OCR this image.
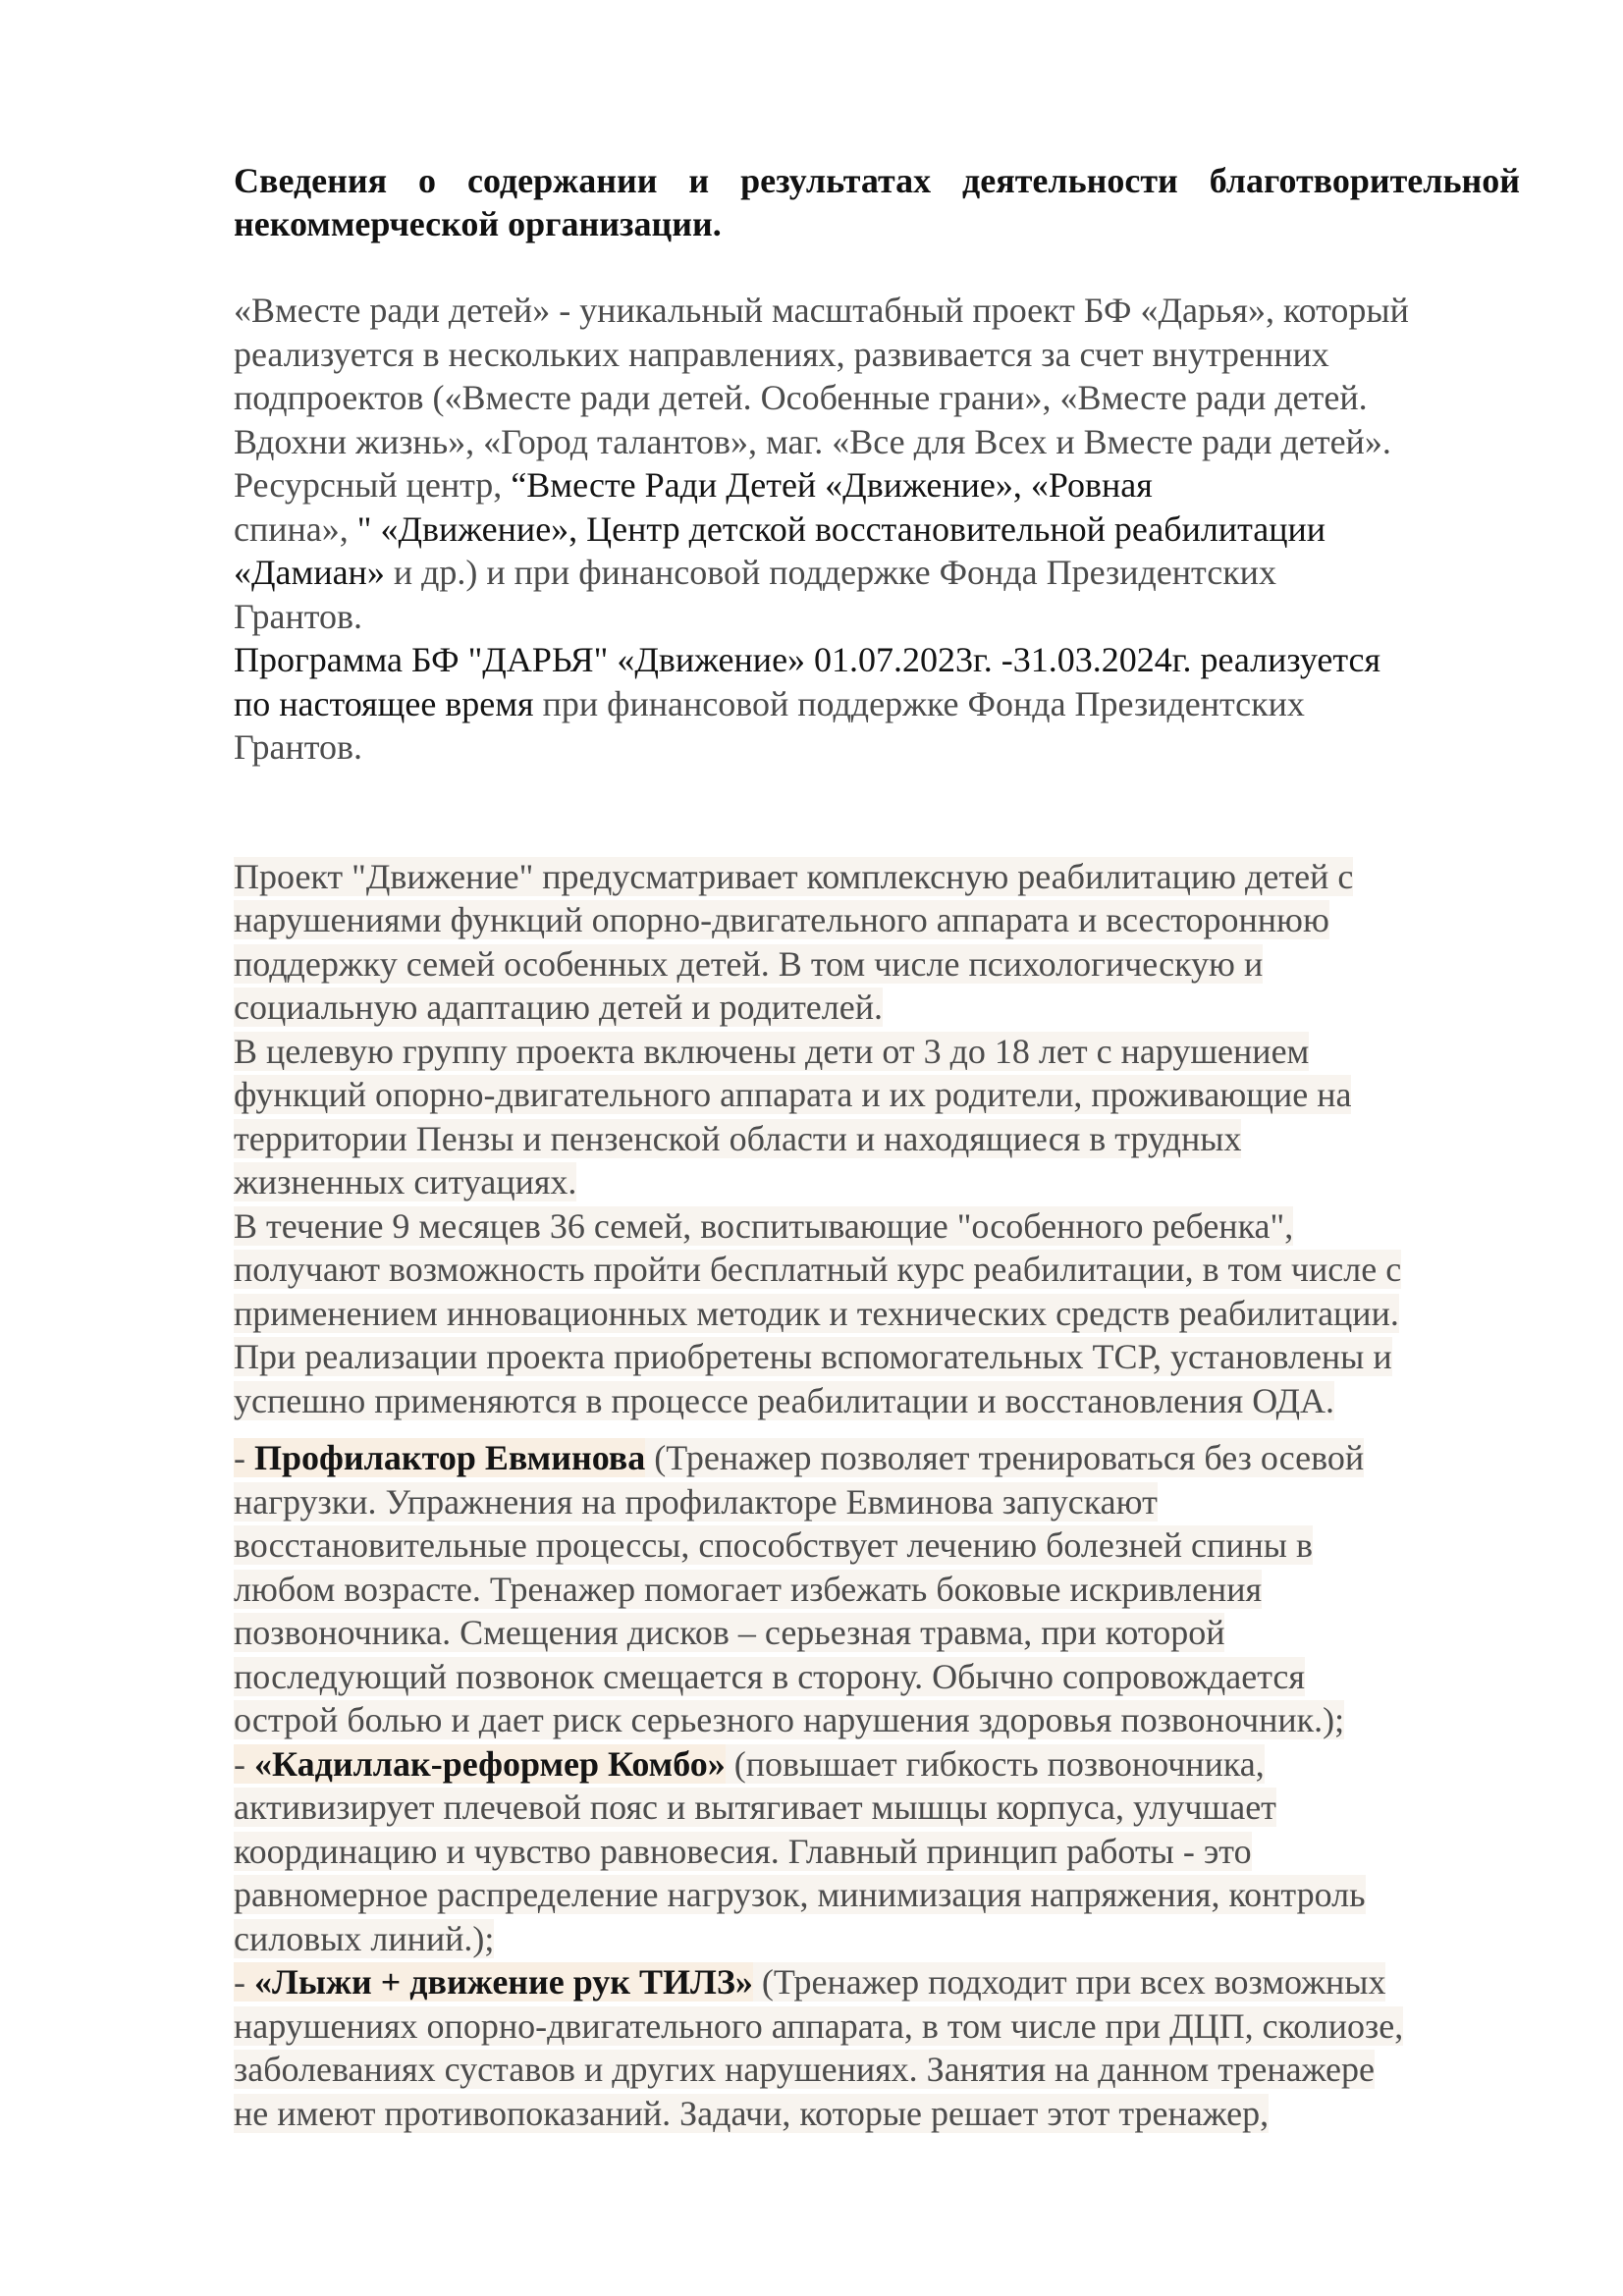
Сведения о содержании и результатах деятельности благотворительной некоммерческой организации.
«Вместе ради детей» - уникальный масштабный проект БФ «Дарья», который
реализуется в нескольких направлениях, развивается за счет внутренних
подпроектов («Вместе ради детей. Особенные грани», «Вместе ради детей.
Вдохни жизнь», «Город талантов», маг. «Все для Всех и Вместе ради детей».
Ресурсный центр, “Вместе Ради Детей «Движение», «Ровная
спина», " «Движение», Центр детской восстановительной реабилитации
«Дамиан» и др.) и при финансовой поддержке Фонда Президентских
Грантов.
Программа БФ "ДАРЬЯ" «Движение» 01.07.2023г. -31.03.2024г. реализуется
по настоящее время при финансовой поддержке Фонда Президентских
Грантов.
Проект "Движение" предусматривает комплексную реабилитацию детей с
нарушениями функций опорно-двигательного аппарата и всестороннюю
поддержку семей особенных детей. В том числе психологическую и
социальную адаптацию детей и родителей.
В целевую группу проекта включены дети от 3 до 18 лет с нарушением
функций опорно-двигательного аппарата и их родители, проживающие на
территории Пензы и пензенской области и находящиеся в трудных
жизненных ситуациях.
В течение 9 месяцев 36 семей, воспитывающие "особенного ребенка",
получают возможность пройти бесплатный курс реабилитации, в том числе с
применением инновационных методик и технических средств реабилитации.
При реализации проекта приобретены вспомогательных ТСР, установлены и
успешно применяются в процессе реабилитации и восстановления ОДА.
- Профилактор Евминова (Тренажер позволяет тренироваться без осевой
нагрузки. Упражнения на профилакторе Евминова запускают
восстановительные процессы, способствует лечению болезней спины в
любом возрасте. Тренажер помогает избежать боковые искривления
позвоночника. Смещения дисков – серьезная травма, при которой
последующий позвонок смещается в сторону. Обычно сопровождается
острой болью и дает риск серьезного нарушения здоровья позвоночник.);
- «Кадиллак-реформер Комбо» (повышает гибкость позвоночника,
активизирует плечевой пояс и вытягивает мышцы корпуса, улучшает
координацию и чувство равновесия. Главный принцип работы - это
равномерное распределение нагрузок, минимизация напряжения, контроль
силовых линий.);
- «Лыжи + движение рук ТИЛЗ» (Тренажер подходит при всех возможных
нарушениях опорно-двигательного аппарата, в том числе при ДЦП, сколиозе,
заболеваниях суставов и других нарушениях. Занятия на данном тренажере
не имеют противопоказаний. Задачи, которые решает этот тренажер,
